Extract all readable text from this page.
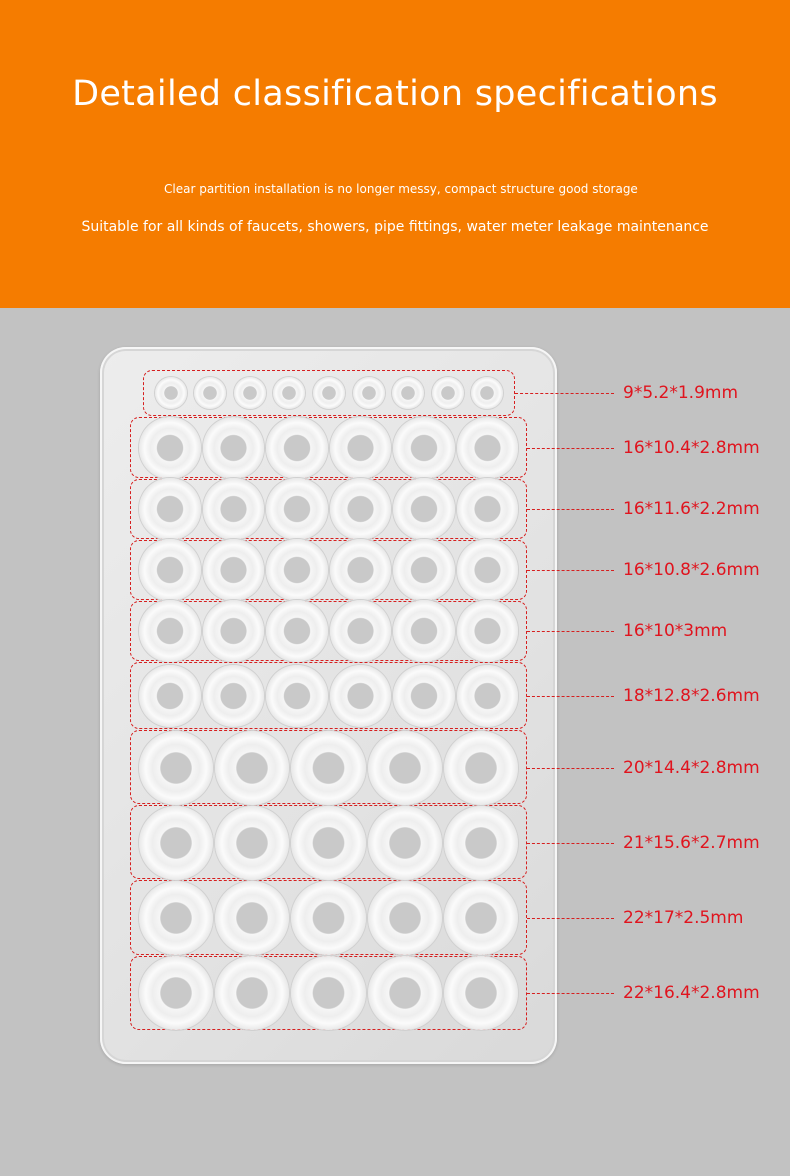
Detailed classification specifications
Clear partition installation is no longer messy, compact structure good storage
Suitable for all kinds of faucets, showers, pipe fittings, water meter leakage maintenance
9*5.2*1.9mm
16*10.4*2.8mm
16*11.6*2.2mm
16*10.8*2.6mm
16*10*3mm
18*12.8*2.6mm
20*14.4*2.8mm
21*15.6*2.7mm
22*17*2.5mm
22*16.4*2.8mm
